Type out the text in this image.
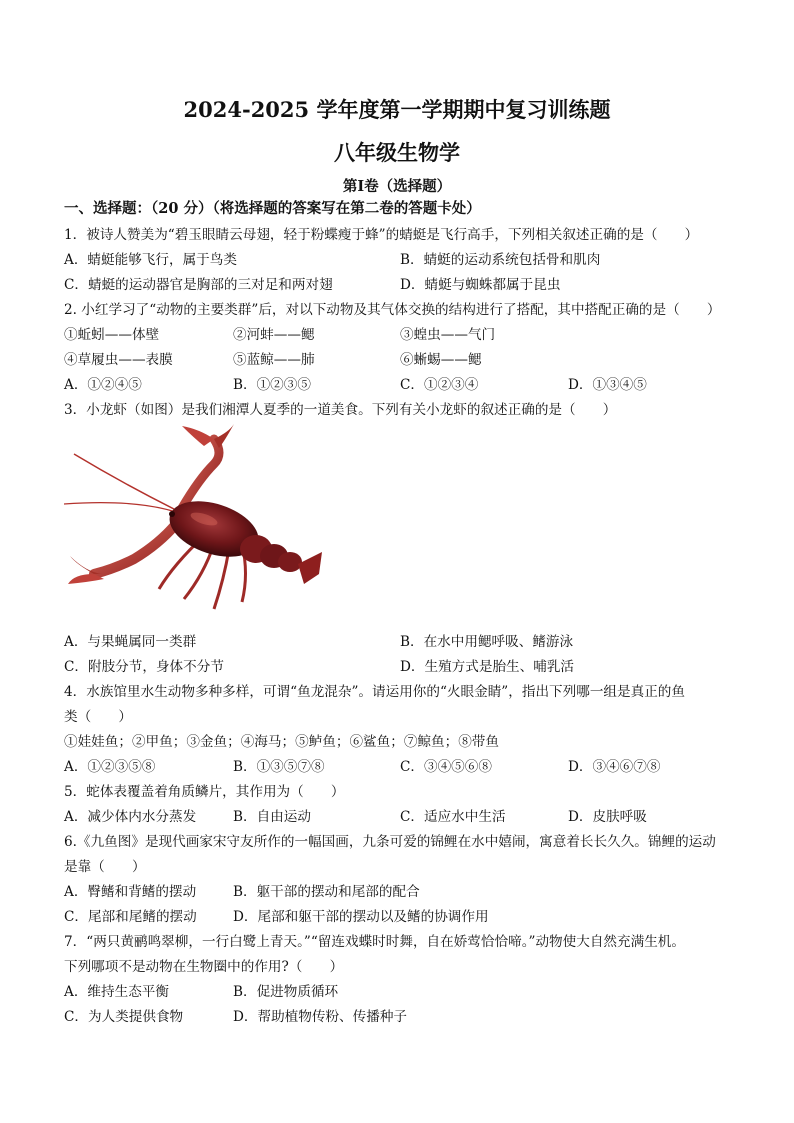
2024-2025 学年度第一学期期中复习训练题
八年级生物学
第Ⅰ卷（选择题）
一、选择题：（20 分）（将选择题的答案写在第二卷的答题卡处）
1．被诗人赞美为“碧玉眼睛云母翅，轻于粉蝶瘦于蜂”的蜻蜓是飞行高手，下列相关叙述正确的是（　　）
A．蜻蜓能够飞行，属于鸟类	B．蜻蜓的运动系统包括骨和肌肉
C．蜻蜓的运动器官是胸部的三对足和两对翅	D．蜻蜓与蜘蛛都属于昆虫
2. 小红学习了“动物的主要类群”后，对以下动物及其气体交换的结构进行了搭配，其中搭配正确的是（　　）
①蚯蚓——体壁	②河蚌——鳃	③蝗虫——气门
④草履虫——表膜	⑤蓝鲸——肺	⑥蜥蜴——鳃
A．①②④⑤	B．①②③⑤	C．①②③④	D．①③④⑤
3．小龙虾（如图）是我们湘潭人夏季的一道美食。下列有关小龙虾的叙述正确的是（　　）
A．与果蝇属同一类群	B．在水中用鳃呼吸、鳍游泳
C．附肢分节，身体不分节	D．生殖方式是胎生、哺乳活
4．水族馆里水生动物多种多样，可谓“鱼龙混杂”。请运用你的“火眼金睛”，指出下列哪一组是真正的鱼
类（　　）
①娃娃鱼；②甲鱼；③金鱼；④海马；⑤鲈鱼；⑥鲨鱼；⑦鲸鱼；⑧带鱼
A．①②③⑤⑧	B．①③⑤⑦⑧	C．③④⑤⑥⑧	D．③④⑥⑦⑧
5．蛇体表覆盖着角质鳞片，其作用为（　　）
A．减少体内水分蒸发	B．自由运动	C．适应水中生活	D．皮肤呼吸
6.《九鱼图》是现代画家宋守友所作的一幅国画，九条可爱的锦鲤在水中嬉闹，寓意着长长久久。锦鲤的运动
是靠（　　）
A．臀鳍和背鳍的摆动	B．躯干部的摆动和尾部的配合
C．尾部和尾鳍的摆动	D．尾部和躯干部的摆动以及鳍的协调作用
7．“两只黄鹂鸣翠柳，一行白鹭上青天。”“留连戏蝶时时舞，自在娇莺恰恰啼。”动物使大自然充满生机。
下列哪项不是动物在生物圈中的作用?（　　）
A．维持生态平衡	B．促进物质循环
C．为人类提供食物	D．帮助植物传粉、传播种子
